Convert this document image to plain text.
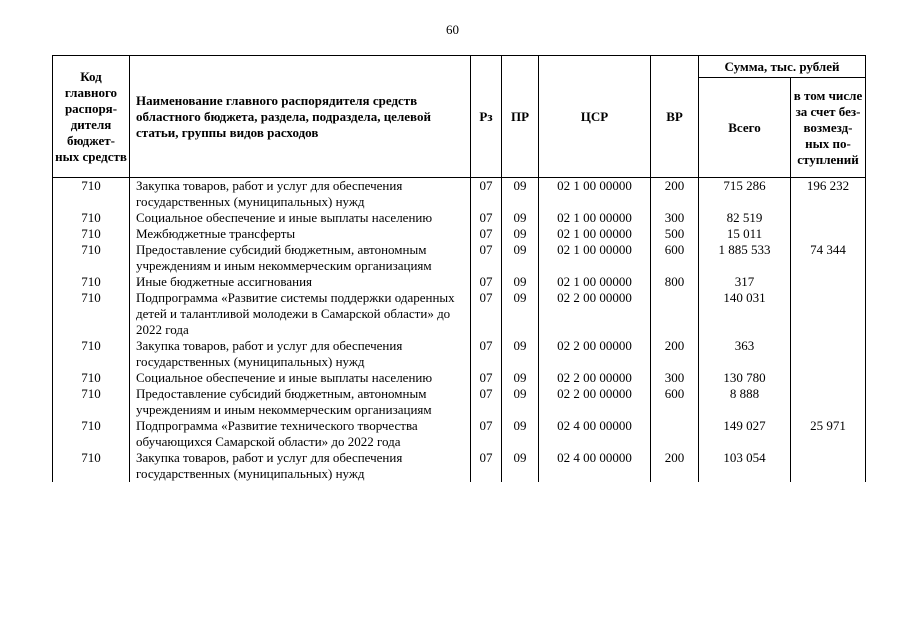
60
Код главного распоря-дителя бюджет-ных средств	Наименование главного распорядителя средств областного бюджета, раздела, подраздела, целевой статьи, группы видов расходов	Рз	ПР	ЦСР	ВР	Сумма, тыс. рублей	
						Всего	в том числе за счет без-возмезд-ных по-ступлений
710	Закупка товаров, работ и услуг для обеспечения государственных (муниципальных) нужд	07	09	02 1 00 00000	200	715 286	196 232
710	Социальное обеспечение и иные выплаты населению	07	09	02 1 00 00000	300	82 519	
710	Межбюджетные трансферты	07	09	02 1 00 00000	500	15 011	
710	Предоставление субсидий бюджетным, автономным учреждениям и иным некоммерческим организациям	07	09	02 1 00 00000	600	1 885 533	74 344
710	Иные бюджетные ассигнования	07	09	02 1 00 00000	800	317	
710	Подпрограмма «Развитие системы поддержки одаренных детей и талантливой молодежи в Самарской области» до 2022 года	07	09	02 2 00 00000		140 031	
710	Закупка товаров, работ и услуг для обеспечения государственных (муниципальных) нужд	07	09	02 2 00 00000	200	363	
710	Социальное обеспечение и иные выплаты населению	07	09	02 2 00 00000	300	130 780	
710	Предоставление субсидий бюджетным, автономным учреждениям и иным некоммерческим организациям	07	09	02 2 00 00000	600	8 888	
710	Подпрограмма «Развитие технического творчества обучающихся Самарской области» до 2022 года	07	09	02 4 00 00000		149 027	25 971
710	Закупка товаров, работ и услуг для обеспечения государственных (муниципальных) нужд	07	09	02 4 00 00000	200	103 054	
